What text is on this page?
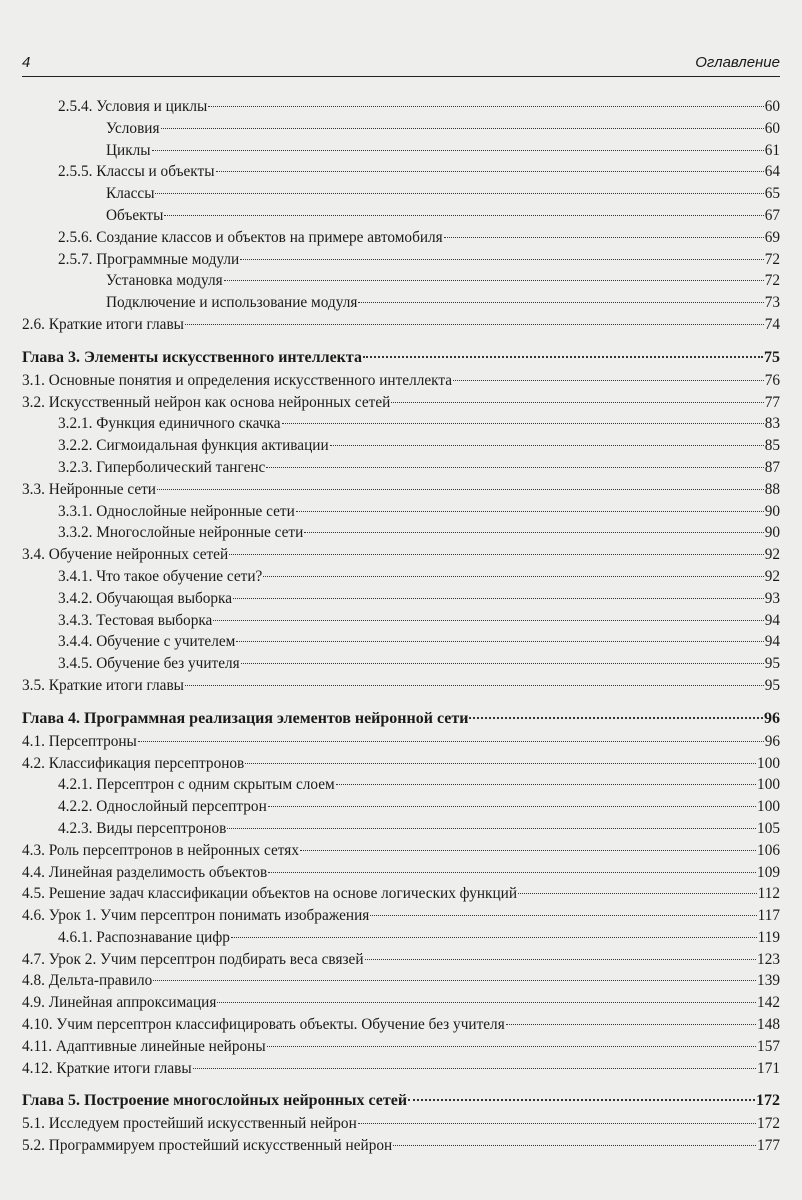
4	Оглавление
2.5.4. Условия и циклы	60
Условия	60
Циклы	61
2.5.5. Классы и объекты	64
Классы	65
Объекты	67
2.5.6. Создание классов и объектов на примере автомобиля	69
2.5.7. Программные модули	72
Установка модуля	72
Подключение и использование модуля	73
2.6. Краткие итоги главы	74
Глава 3. Элементы искусственного интеллекта	75
3.1. Основные понятия и определения искусственного интеллекта	76
3.2. Искусственный нейрон как основа нейронных сетей	77
3.2.1. Функция единичного скачка	83
3.2.2. Сигмоидальная функция активации	85
3.2.3. Гиперболический тангенс	87
3.3. Нейронные сети	88
3.3.1. Однослойные нейронные сети	90
3.3.2. Многослойные нейронные сети	90
3.4. Обучение нейронных сетей	92
3.4.1. Что такое обучение сети?	92
3.4.2. Обучающая выборка	93
3.4.3. Тестовая выборка	94
3.4.4. Обучение с учителем	94
3.4.5. Обучение без учителя	95
3.5. Краткие итоги главы	95
Глава 4. Программная реализация элементов нейронной сети	96
4.1. Персептроны	96
4.2. Классификация персептронов	100
4.2.1. Персептрон с одним скрытым слоем	100
4.2.2. Однослойный персептрон	100
4.2.3. Виды персептронов	105
4.3. Роль персептронов в нейронных сетях	106
4.4. Линейная разделимость объектов	109
4.5. Решение задач классификации объектов на основе логических функций	112
4.6. Урок 1. Учим персептрон понимать изображения	117
4.6.1. Распознавание цифр	119
4.7. Урок 2. Учим персептрон подбирать веса связей	123
4.8. Дельта-правило	139
4.9. Линейная аппроксимация	142
4.10. Учим персептрон классифицировать объекты. Обучение без учителя	148
4.11. Адаптивные линейные нейроны	157
4.12. Краткие итоги главы	171
Глава 5. Построение многослойных нейронных сетей	172
5.1. Исследуем простейший искусственный нейрон	172
5.2. Программируем простейший искусственный нейрон	177
